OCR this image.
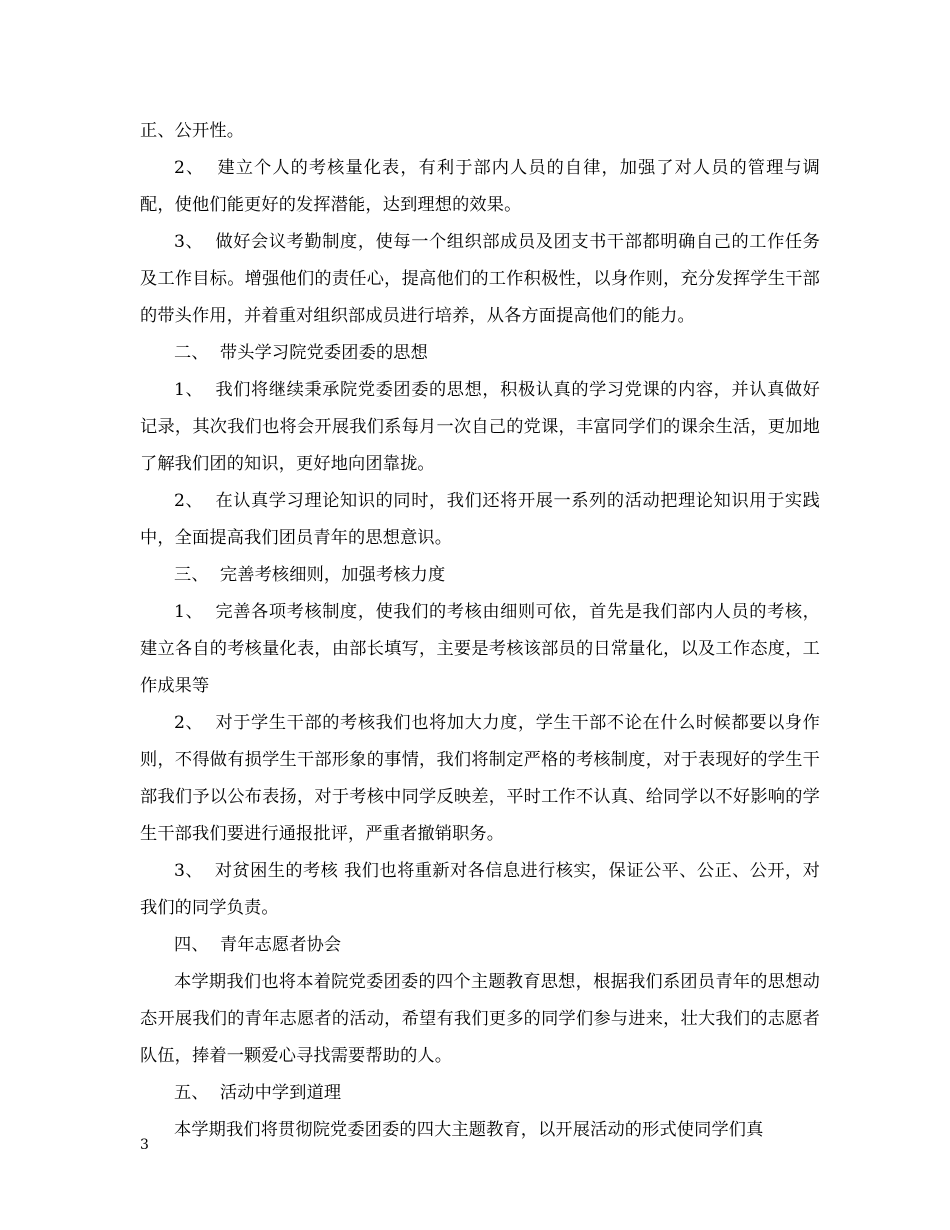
正、公开性。

2、  建立个人的考核量化表，有利于部内人员的自律，加强了对人员的管理与调配，使他们能更好的发挥潜能，达到理想的效果。

3、  做好会议考勤制度，使每一个组织部成员及团支书干部都明确自己的工作任务及工作目标。增强他们的责任心，提高他们的工作积极性，以身作则，充分发挥学生干部的带头作用，并着重对组织部成员进行培养，从各方面提高他们的能力。

二、  带头学习院党委团委的思想

1、  我们将继续秉承院党委团委的思想，积极认真的学习党课的内容，并认真做好记录，其次我们也将会开展我们系每月一次自己的党课，丰富同学们的课余生活，更加地了解我们团的知识，更好地向团靠拢。

2、  在认真学习理论知识的同时，我们还将开展一系列的活动把理论知识用于实践中，全面提高我们团员青年的思想意识。

三、  完善考核细则，加强考核力度

1、  完善各项考核制度，使我们的考核由细则可依，首先是我们部内人员的考核，建立各自的考核量化表，由部长填写，主要是考核该部员的日常量化，以及工作态度，工作成果等

2、  对于学生干部的考核我们也将加大力度，学生干部不论在什么时候都要以身作则，不得做有损学生干部形象的事情，我们将制定严格的考核制度，对于表现好的学生干部我们予以公布表扬，对于考核中同学反映差，平时工作不认真、给同学以不好影响的学生干部我们要进行通报批评，严重者撤销职务。

3、  对贫困生的考核 我们也将重新对各信息进行核实，保证公平、公正、公开，对我们的同学负责。

四、  青年志愿者协会

本学期我们也将本着院党委团委的四个主题教育思想，根据我们系团员青年的思想动态开展我们的青年志愿者的活动，希望有我们更多的同学们参与进来，壮大我们的志愿者队伍，捧着一颗爱心寻找需要帮助的人。

五、  活动中学到道理

本学期我们将贯彻院党委团委的四大主题教育，以开展活动的形式使同学们真

3
